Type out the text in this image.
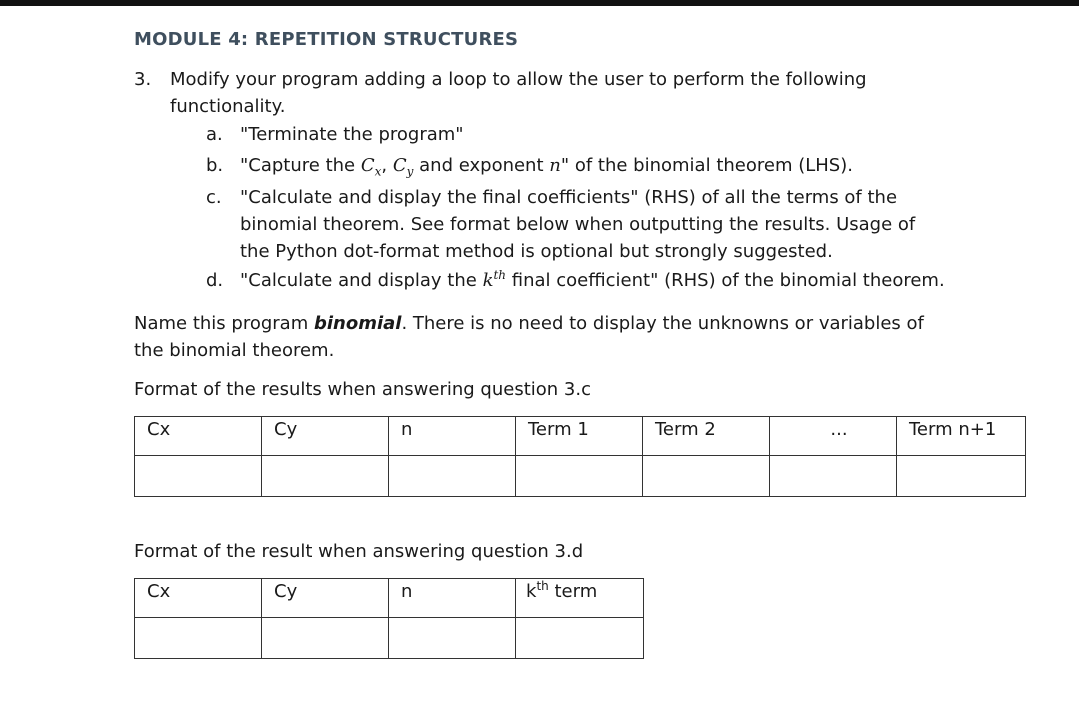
MODULE 4: REPETITION STRUCTURES
3. Modify your program adding a loop to allow the user to perform the following
functionality.
a. "Terminate the program"
b. "Capture the $C_x$, $C_y$ and exponent n" of the binomial theorem (LHS).
c. "Calculate and display the final coefficients" (RHS) of all the terms of the
binomial theorem. See format below when outputting the results. Usage of
the Python dot-format method is optional but strongly suggested.
d. "Calculate and display the $k^{th}$ final coefficient" (RHS) of the binomial theorem.
Name this program binomial. There is no need to display the unknowns or variables of
the binomial theorem.
Format of the results when answering question 3.c
Cx	Cy	n	Term 1	Term 2	...	Term n+1

Format of the result when answering question 3.d
Cx	Cy	n	$k^{th}$ term
